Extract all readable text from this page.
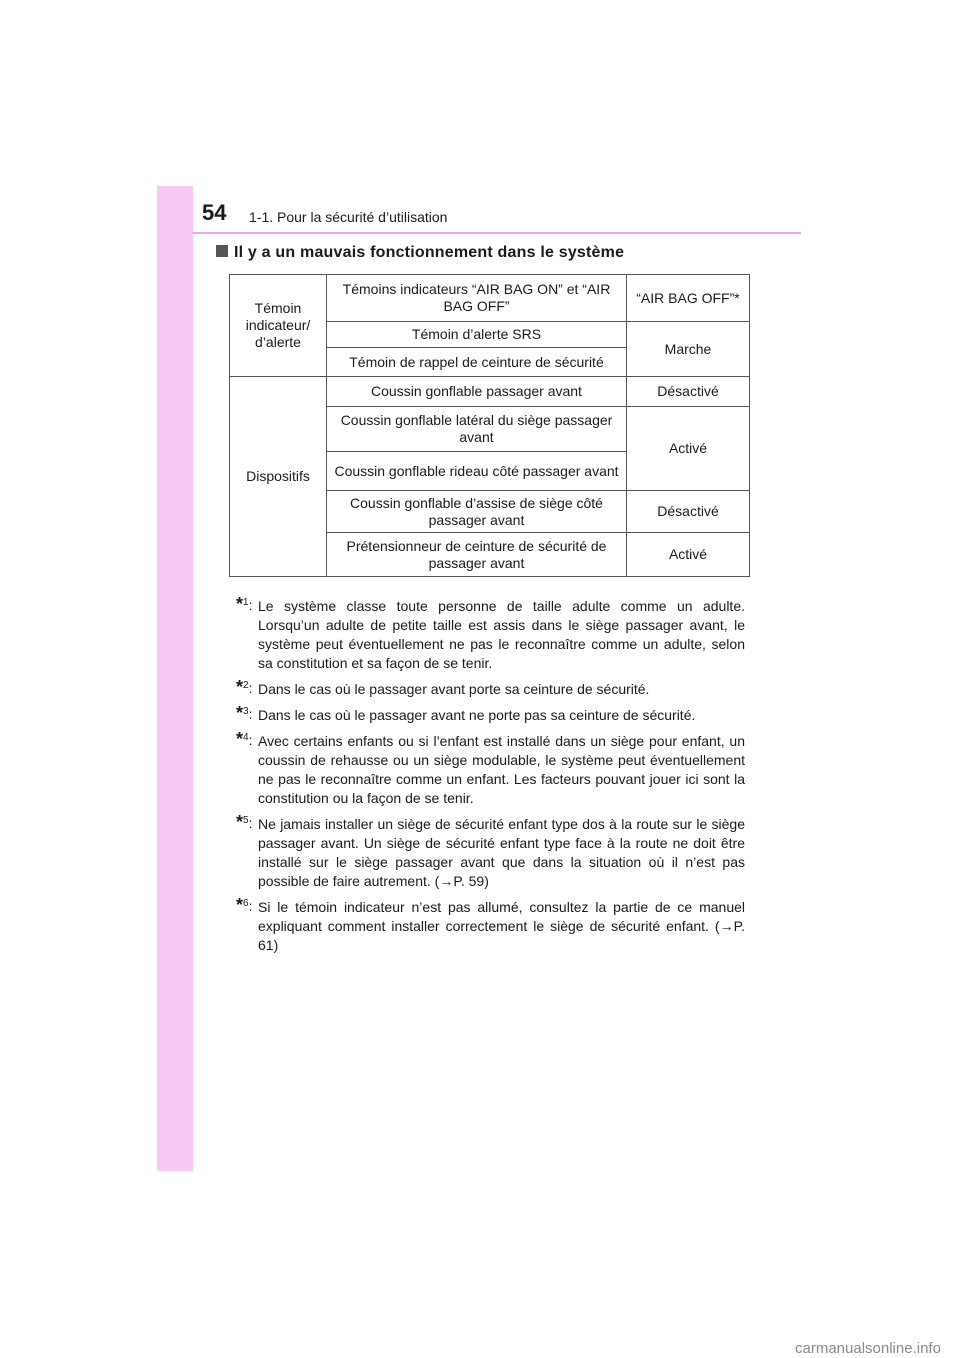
54 1-1. Pour la sécurité d’utilisation
Il y a un mauvais fonctionnement dans le système
Témoin indicateur/ d’alerte	Témoins indicateurs “AIR BAG ON” et “AIR BAG OFF”	“AIR BAG OFF”*
	Témoin d’alerte SRS	Marche
	Témoin de rappel de ceinture de sécurité	
Dispositifs	Coussin gonflable passager avant	Désactivé
	Coussin gonflable latéral du siège passager avant	Activé
	Coussin gonflable rideau côté passager avant	
	Coussin gonflable d’assise de siège côté passager avant	Désactivé
	Prétensionneur de ceinture de sécurité de passager avant	Activé
*$^1$: Le système classe toute personne de taille adulte comme un adulte. Lorsqu’un adulte de petite taille est assis dans le siège passager avant, le système peut éventuellement ne pas le reconnaître comme un adulte, selon sa constitution et sa façon de se tenir.
*$^2$: Dans le cas où le passager avant porte sa ceinture de sécurité.
*$^3$: Dans le cas où le passager avant ne porte pas sa ceinture de sécurité.
*$^4$: Avec certains enfants ou si l’enfant est installé dans un siège pour enfant, un coussin de rehausse ou un siège modulable, le système peut éventuellement ne pas le reconnaître comme un enfant. Les facteurs pouvant jouer ici sont la constitution ou la façon de se tenir.
*$^5$: Ne jamais installer un siège de sécurité enfant type dos à la route sur le siège passager avant. Un siège de sécurité enfant type face à la route ne doit être installé sur le siège passager avant que dans la situation où il n’est pas possible de faire autrement. (→P. 59)
*$^6$: Si le témoin indicateur n’est pas allumé, consultez la partie de ce manuel expliquant comment installer correctement le siège de sécurité enfant. (→P. 61)
carmanualsonline.info
